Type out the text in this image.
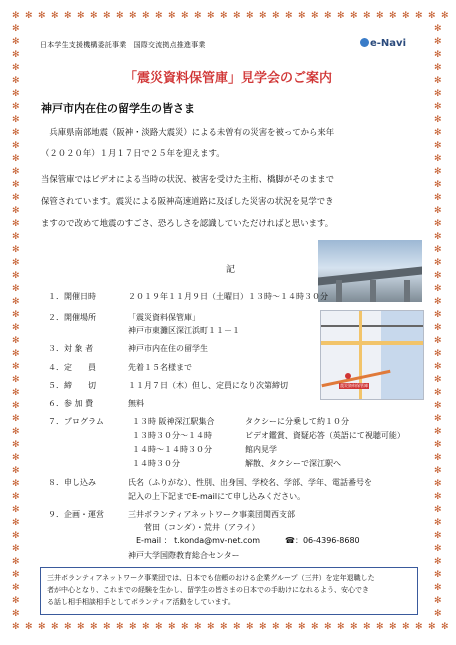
✻
✻
✻
✻
✻
✻
✻
✻
✻
✻
✻
✻
✻
✻
✻
✻
✻
✻
✻
✻
✻
✻
✻
✻
✻
✻
✻
✻
✻
✻
✻
✻
✻
✻
✻
✻
✻
✻
✻
✻
✻
✻
✻
✻
✻
✻
✻
✻
✻
✻
✻
✻
✻
✻
✻
✻
✻
✻
✻
✻
✻
✻
✻
✻
✻
✻
✻
✻
✻	✻
✻	✻
✻	✻
✻	✻
✻	✻
✻	✻
✻	✻
✻	✻
✻	✻
✻	✻
✻	✻
✻	✻
✻	✻
✻	✻
✻	✻
✻	✻
✻	✻
✻	✻
✻	✻
✻	✻
✻	✻
✻	✻
✻	✻
✻	✻
✻	✻
✻	✻
✻	✻
✻	✻
✻	✻
✻	✻
✻	✻
✻	✻
✻	✻
✻	✻
✻	✻
✻	✻
✻	✻
✻	✻
✻	✻
✻	✻
✻	✻
✻	✻
✻	✻
✻	✻
✻	✻
✻	✻
日本学生支援機構委託事業　国際交流拠点推進事業	e-Navi
「震災資料保管庫」見学会のご案内
神戸市内在住の留学生の皆さま
　兵庫県南部地震（阪神・淡路大震災）による未曽有の災害を被ってから来年
（２０２０年）１月１７日で２５年を迎えます。
当保管庫ではビデオによる当時の状況、被害を受けた主桁、橋脚がそのままで
保管されています。震災による阪神高速道路に及ぼした災害の状況を見学でき
ますので改めて地震のすごさ、恐ろしさを認識していただければと思います。
記
１． 開催日時	２０１９年１１月９日（土曜日）１３時～１４時３０分
２． 開催場所	「震災資料保管庫」
神戸市東灘区深江浜町１１－１
３． 対 象 者	神戸市内在住の留学生
４． 定　　員	先着１５名様まで
５． 締　　切	１１月７日（木）但し、定員になり次第締切
６． 参 加 費	無料
７． プログラム	１３時 阪神深江駅集合	タクシーに分乗して約１０分
１３時３０分～１４時	ビデオ鑑賞、資疑応答（英語にて視聴可能）
１４時～１４時３０分	館内見学
１４時３０分	解散、タクシーで深江駅へ
８． 申し込み	氏名（ふりがな）、性別、出身国、学校名、学部、学年、電話番号を
記入の上下記までE-mailにて申し込みください。
９． 企画・運営	三井ボランティアネットワーク事業団関西支部
菅田（コンダ）・荒井（アライ）
E-mail ： t.konda@mv-net.com	☎：06-4396-8680
神戸大学国際教育総合センター
震災資料保管庫
三井ボランティアネットワーク事業団では、日本でも信頼のおける企業グループ（三井）を定年退職した
者が中心となり、これまでの経験を生かし、留学生の皆さまの日本での手助けになれるよう、安心でき
る話し相手相談相手としてボランティア活動をしています。
